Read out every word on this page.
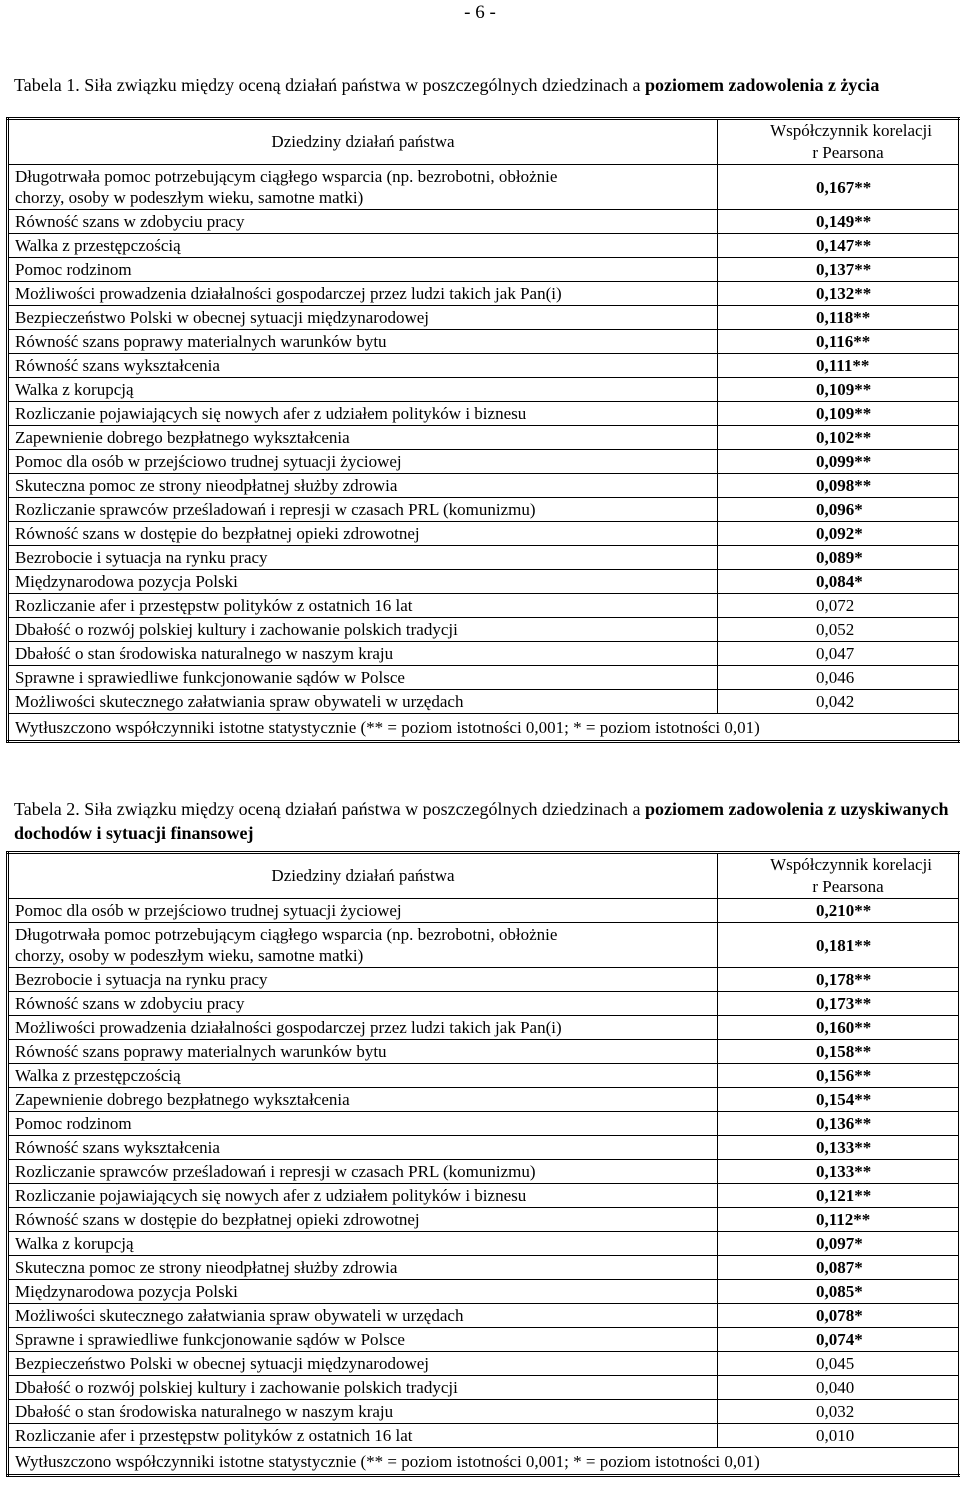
- 6 -
Tabela 1. Siła związku między oceną działań państwa w poszczególnych dziedzinach a poziomem zadowolenia z życia
Dziedziny działań państwa	Współczynnik korelacji
r Pearsona

Długotrwała pomoc potrzebującym ciągłego wsparcia (np. bezrobotni, obłożnie
chorzy, osoby w podeszłym wieku, samotne matki)	0,167**
Równość szans w zdobyciu pracy	0,149**
Walka z przestępczością	0,147**
Pomoc rodzinom	0,137**
Możliwości prowadzenia działalności gospodarczej przez ludzi takich jak Pan(i)	0,132**
Bezpieczeństwo Polski w obecnej sytuacji międzynarodowej	0,118**
Równość szans poprawy materialnych warunków bytu	0,116**
Równość szans wykształcenia	0,111**
Walka z korupcją	0,109**
Rozliczanie pojawiających się nowych afer z udziałem polityków i biznesu	0,109**
Zapewnienie dobrego bezpłatnego wykształcenia	0,102**
Pomoc dla osób w przejściowo trudnej sytuacji życiowej	0,099**
Skuteczna pomoc ze strony nieodpłatnej służby zdrowia	0,098**
Rozliczanie sprawców prześladowań i represji w czasach PRL (komunizmu)	0,096*
Równość szans w dostępie do bezpłatnej opieki zdrowotnej	0,092*
Bezrobocie i sytuacja na rynku pracy	0,089*
Międzynarodowa pozycja Polski	0,084*
Rozliczanie afer i przestępstw polityków z ostatnich 16 lat	0,072
Dbałość o rozwój polskiej kultury i zachowanie polskich tradycji	0,052
Dbałość o stan środowiska naturalnego w naszym kraju	0,047
Sprawne i sprawiedliwe funkcjonowanie sądów w Polsce	0,046
Możliwości skutecznego załatwiania spraw obywateli w urzędach	0,042
Wytłuszczono współczynniki istotne statystycznie (** = poziom istotności 0,001; * = poziom istotności 0,01)	
Tabela 2. Siła związku między oceną działań państwa w poszczególnych dziedzinach a poziomem zadowolenia z uzyskiwanych dochodów i sytuacji finansowej
Dziedziny działań państwa	Współczynnik korelacji
r Pearsona

Pomoc dla osób w przejściowo trudnej sytuacji życiowej	0,210**
Długotrwała pomoc potrzebującym ciągłego wsparcia (np. bezrobotni, obłożnie
chorzy, osoby w podeszłym wieku, samotne matki)	0,181**
Bezrobocie i sytuacja na rynku pracy	0,178**
Równość szans w zdobyciu pracy	0,173**
Możliwości prowadzenia działalności gospodarczej przez ludzi takich jak Pan(i)	0,160**
Równość szans poprawy materialnych warunków bytu	0,158**
Walka z przestępczością	0,156**
Zapewnienie dobrego bezpłatnego wykształcenia	0,154**
Pomoc rodzinom	0,136**
Równość szans wykształcenia	0,133**
Rozliczanie sprawców prześladowań i represji w czasach PRL (komunizmu)	0,133**
Rozliczanie pojawiających się nowych afer z udziałem polityków i biznesu	0,121**
Równość szans w dostępie do bezpłatnej opieki zdrowotnej	0,112**
Walka z korupcją	0,097*
Skuteczna pomoc ze strony nieodpłatnej służby zdrowia	0,087*
Międzynarodowa pozycja Polski	0,085*
Możliwości skutecznego załatwiania spraw obywateli w urzędach	0,078*
Sprawne i sprawiedliwe funkcjonowanie sądów w Polsce	0,074*
Bezpieczeństwo Polski w obecnej sytuacji międzynarodowej	0,045
Dbałość o rozwój polskiej kultury i zachowanie polskich tradycji	0,040
Dbałość o stan środowiska naturalnego w naszym kraju	0,032
Rozliczanie afer i przestępstw polityków z ostatnich 16 lat	0,010
Wytłuszczono współczynniki istotne statystycznie (** = poziom istotności 0,001; * = poziom istotności 0,01)	
